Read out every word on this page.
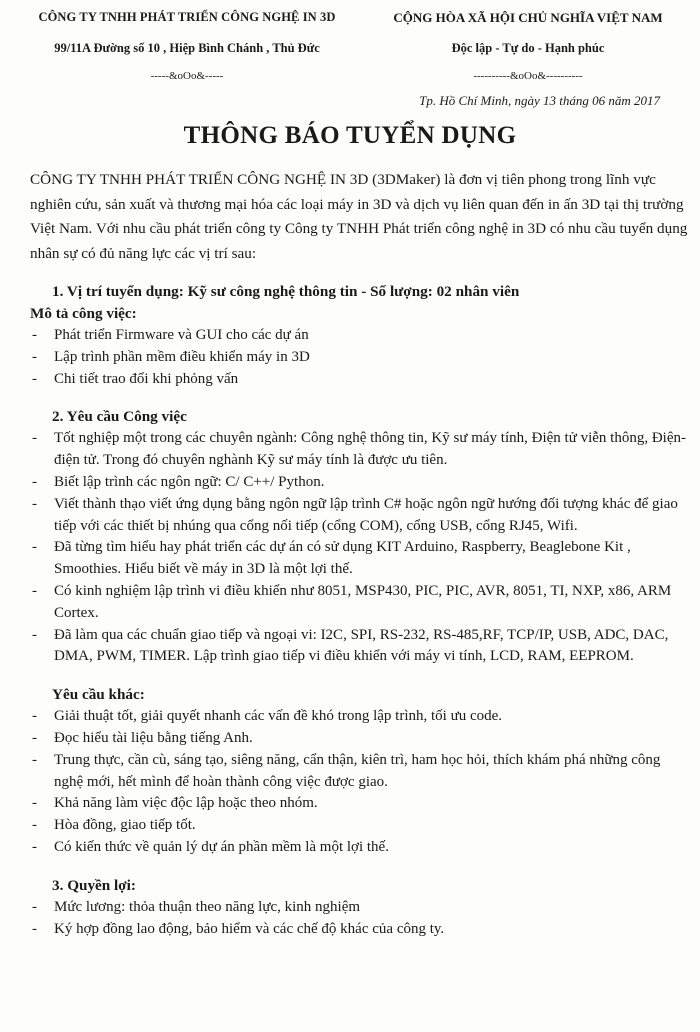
CÔNG TY TNHH PHÁT TRIỂN CÔNG NGHỆ IN 3D
99/11A Đường số 10 , Hiệp Bình Chánh , Thủ Đức
-----&oOo&-----
CỘNG HÒA XÃ HỘI CHỦ NGHĨA VIỆT NAM
Độc lập - Tự do - Hạnh phúc
----------&oOo&----------
Tp. Hồ Chí Minh, ngày 13 tháng 06 năm 2017
THÔNG BÁO TUYỂN DỤNG

CÔNG TY TNHH PHÁT TRIỂN CÔNG NGHỆ IN 3D (3DMaker) là đơn vị tiên phong trong lĩnh vực nghiên cứu, sản xuất và thương mại hóa các loại máy in 3D và dịch vụ liên quan đến in ấn 3D tại thị trường Việt Nam. Với nhu cầu phát triển công ty Công ty TNHH Phát triển công nghệ in 3D có nhu cầu tuyển dụng nhân sự có đủ năng lực các vị trí sau:

1. Vị trí tuyển dụng: Kỹ sư công nghệ thông tin - Số lượng: 02 nhân viên
Mô tả công việc:
- Phát triển Firmware và GUI cho các dự án
- Lập trình phần mềm điều khiển máy in 3D
- Chi tiết trao đổi khi phỏng vấn
2. Yêu cầu Công việc
- Tốt nghiệp một trong các chuyên ngành: Công nghệ thông tin, Kỹ sư máy tính, Điện tử viễn thông, Điện- điện tử. Trong đó chuyên nghành Kỹ sư máy tính là được ưu tiên.
- Biết lập trình các ngôn ngữ: C/ C++/ Python.
- Viết thành thạo viết ứng dụng bằng ngôn ngữ lập trình C# hoặc ngôn ngữ hướng đối tượng khác để giao tiếp với các thiết bị nhúng qua cổng nối tiếp (cổng COM), cổng USB, cổng RJ45, Wifi.
- Đã từng tìm hiểu hay phát triển các dự án có sử dụng KIT Arduino, Raspberry, Beaglebone Kit , Smoothies. Hiểu biết về máy in 3D là một lợi thế.
- Có kinh nghiệm lập trình vi điều khiển như 8051, MSP430, PIC, PIC, AVR, 8051, TI, NXP, x86, ARM Cortex.
- Đã làm qua các chuẩn giao tiếp và ngoại vi: I2C, SPI, RS-232, RS-485,RF, TCP/IP, USB, ADC, DAC, DMA, PWM, TIMER. Lập trình giao tiếp vi điều khiển với máy vi tính, LCD, RAM, EEPROM.
Yêu cầu khác:
- Giải thuật tốt, giải quyết nhanh các vấn đề khó trong lập trình, tối ưu code.
- Đọc hiểu tài liệu bằng tiếng Anh.
- Trung thực, cần cù, sáng tạo, siêng năng, cẩn thận, kiên trì, ham học hỏi, thích khám phá những công nghệ mới, hết mình để hoàn thành công việc được giao.
- Khả năng làm việc độc lập hoặc theo nhóm.
- Hòa đồng, giao tiếp tốt.
- Có kiến thức về quản lý dự án phần mềm là một lợi thế.
3. Quyền lợi:
- Mức lương: thỏa thuận theo năng lực, kinh nghiệm
- Ký hợp đồng lao động, bảo hiểm và các chế độ khác của công ty.
